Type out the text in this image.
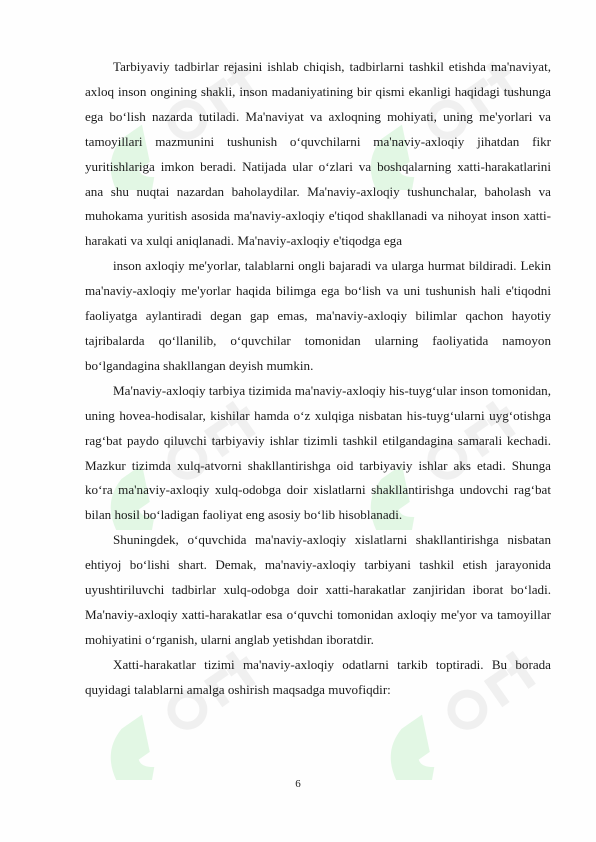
Tarbiyaviy tadbirlar rejasini ishlab chiqish, tadbirlarni tashkil etishda ma'naviyat, axloq inson ongining shakli, inson madaniyatining bir qismi ekanligi haqidagi tushunga ega bo‘lish nazarda tutiladi. Ma'naviyat va axloqning mohiyati, uning me'yorlari va tamoyillari mazmunini tushunish o‘quvchilarni ma'naviy-axloqiy jihatdan fikr yuritishlariga imkon beradi. Natijada ular o‘zlari va boshqalarning xatti-harakatlarini ana shu nuqtai nazardan baholaydilar. Ma'naviy-axloqiy tushunchalar, baholash va muhokama yuritish asosida ma'naviy-axloqiy e'tiqod shakllanadi va nihoyat inson xatti-harakati va xulqi aniqlanadi. Ma'naviy-axloqiy e'tiqodga ega

inson axloqiy me'yorlar, talablarni ongli bajaradi va ularga hurmat bildiradi. Lekin ma'naviy-axloqiy me'yorlar haqida bilimga ega bo‘lish va uni tushunish hali e'tiqodni faoliyatga aylantiradi degan gap emas, ma'naviy-axloqiy bilimlar qachon hayotiy tajribalarda qo‘llanilib, o‘quvchilar tomonidan ularning faoliyatida namoyon bo‘lgandagina shakllangan deyish mumkin.

Ma'naviy-axloqiy tarbiya tizimida ma'naviy-axloqiy his-tuyg‘ular inson tomonidan, uning hovea-hodisalar, kishilar hamda o‘z xulqiga nisbatan his-tuyg‘ularni uyg‘otishga rag‘bat paydo qiluvchi tarbiyaviy ishlar tizimli tashkil etilgandagina samarali kechadi. Mazkur tizimda xulq-atvorni shakllantirishga oid tarbiyaviy ishlar aks etadi. Shunga ko‘ra ma'naviy-axloqiy xulq-odobga doir xislatlarni shakllantirishga undovchi rag‘bat bilan hosil bo‘ladigan faoliyat eng asosiy bo‘lib hisoblanadi.

Shuningdek, o‘quvchida ma'naviy-axloqiy xislatlarni shakllantirishga nisbatan ehtiyoj bo‘lishi shart. Demak, ma'naviy-axloqiy tarbiyani tashkil etish jarayonida uyushtiriluvchi tadbirlar xulq-odobga doir xatti-harakatlar zanjiridan iborat bo‘ladi. Ma'naviy-axloqiy xatti-harakatlar esa o‘quvchi tomonidan axloqiy me'yor va tamoyillar mohiyatini o‘rganish, ularni anglab yetishdan iboratdir.

Xatti-harakatlar tizimi ma'naviy-axloqiy odatlarni tarkib toptiradi. Bu borada quyidagi talablarni amalga oshirish maqsadga muvofiqdir:

6
